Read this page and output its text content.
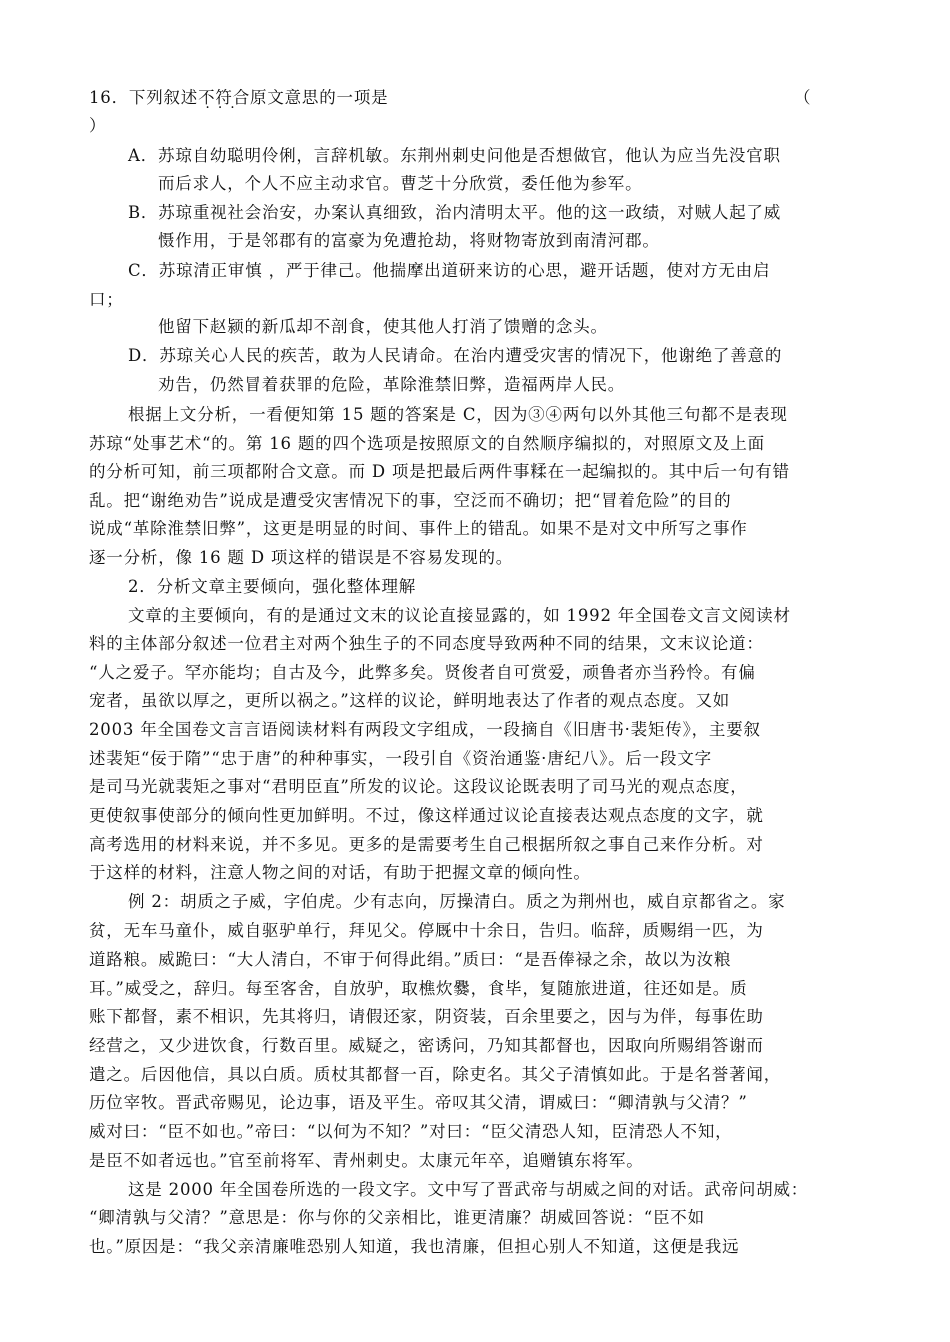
16．下列叙述不符合 ···原文意思的一项是	（
）
A．苏琼自幼聪明伶俐，言辞机敏。东荆州刺史问他是否想做官，他认为应当先没官职
而后求人，个人不应主动求官。曹芝十分欣赏，委任他为参军。
B．苏琼重视社会治安，办案认真细致，治内清明太平。他的这一政绩，对贼人起了威
慑作用，于是邻郡有的富豪为免遭抢劫，将财物寄放到南清河郡。
C．苏琼清正审慎 ，严于律己。他揣摩出道研来访的心思，避开话题，使对方无由启
口；
他留下赵颍的新瓜却不剖食，使其他人打消了馈赠的念头。
D．苏琼关心人民的疾苦，敢为人民请命。在治内遭受灾害的情况下，他谢绝了善意的
劝告，仍然冒着获罪的危险，革除淮禁旧弊，造福两岸人民。
根据上文分析，一看便知第 15 题的答案是 C，因为③④两句以外其他三句都不是表现
苏琼“处事艺术“的。第 16 题的四个选项是按照原文的自然顺序编拟的，对照原文及上面
的分析可知，前三项都附合文意。而 D 项是把最后两件事糅在一起编拟的。其中后一句有错
乱。把“谢绝劝告”说成是遭受灾害情况下的事，空泛而不确切；把“冒着危险”的目的
说成“革除淮禁旧弊”，这更是明显的时间、事件上的错乱。如果不是对文中所写之事作
逐一分析，像 16 题 D 项这样的错误是不容易发现的。
2．分析文章主要倾向，强化整体理解
文章的主要倾向，有的是通过文末的议论直接显露的，如 1992 年全国卷文言文阅读材
料的主体部分叙述一位君主对两个独生子的不同态度导致两种不同的结果，文末议论道：
“人之爱子。罕亦能均；自古及今，此弊多矣。贤俊者自可赏爱，顽鲁者亦当矜怜。有偏
宠者，虽欲以厚之，更所以祸之。”这样的议论，鲜明地表达了作者的观点态度。又如
2003 年全国卷文言言语阅读材料有两段文字组成，一段摘自《旧唐书·裴矩传》，主要叙
述裴矩“佞于隋”“忠于唐”的种种事实，一段引自《资治通鉴·唐纪八》。后一段文字
是司马光就裴矩之事对“君明臣直”所发的议论。这段议论既表明了司马光的观点态度，
更使叙事使部分的倾向性更加鲜明。不过，像这样通过议论直接表达观点态度的文字，就
高考选用的材料来说，并不多见。更多的是需要考生自己根据所叙之事自己来作分析。对
于这样的材料，注意人物之间的对话，有助于把握文章的倾向性。
例 2：胡质之子威，字伯虎。少有志向，厉操清白。质之为荆州也，威自京都省之。家
贫，无车马童仆，威自驱驴单行，拜见父。停厩中十余日，告归。临辞，质赐绢一匹，为
道路粮。威跪曰：“大人清白，不审于何得此绢。”质曰：“是吾俸禄之余，故以为汝粮
耳。”威受之，辞归。每至客舍，自放驴，取樵炊爨，食毕，复随旅进道，往还如是。质
账下都督，素不相识，先其将归，请假还家，阴资装，百余里要之，因与为伴，每事佐助
经营之，又少进饮食，行数百里。威疑之，密诱问，乃知其都督也，因取向所赐绢答谢而
遣之。后因他信，具以白质。质杖其都督一百，除吏名。其父子清慎如此。于是名誉著闻，
历位宰牧。晋武帝赐见，论边事，语及平生。帝叹其父清，谓威曰：“卿清孰与父清？”
威对曰：“臣不如也。”帝曰：“以何为不知？”对曰：“臣父清恐人知，臣清恐人不知，
是臣不如者远也。”官至前将军、青州刺史。太康元年卒，追赠镇东将军。
这是 2000 年全国卷所选的一段文字。文中写了晋武帝与胡威之间的对话。武帝问胡威：
“卿清孰与父清？”意思是：你与你的父亲相比，谁更清廉？胡威回答说：“臣不如
也。”原因是：“我父亲清廉唯恐别人知道，我也清廉，但担心别人不知道，这便是我远
